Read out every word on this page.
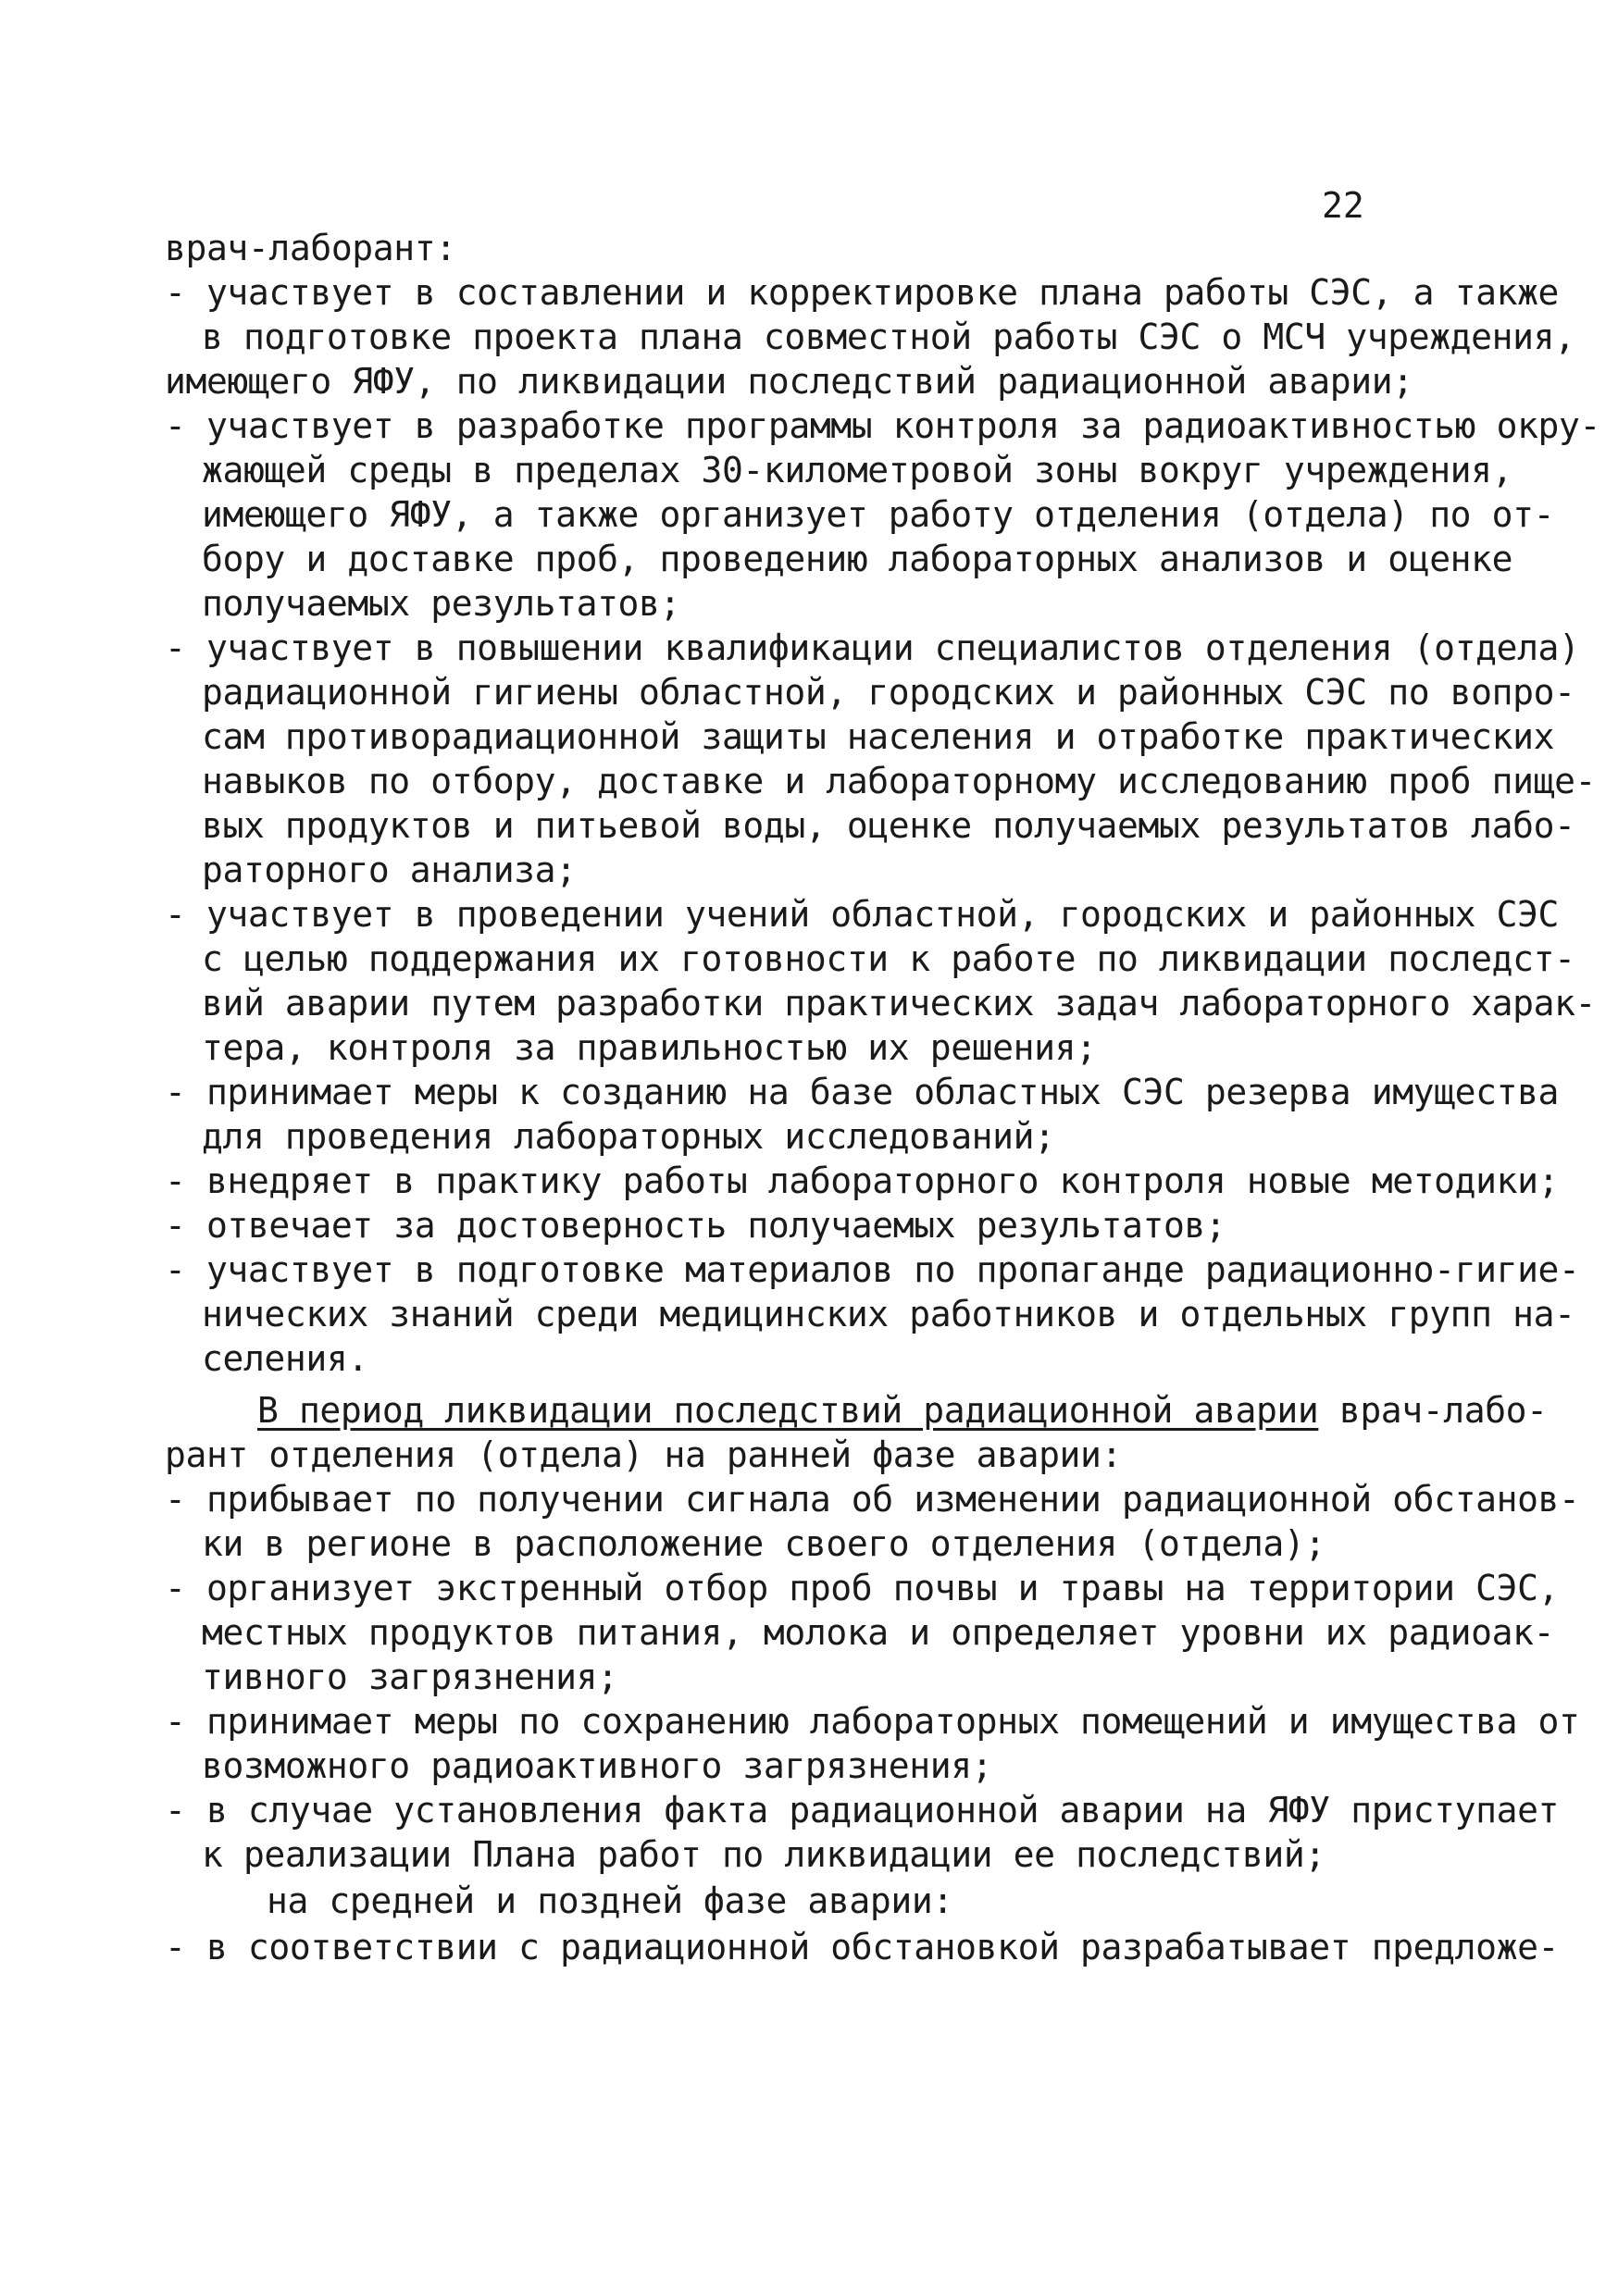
22
врач-лаборант:
- участвует в составлении и корректировке плана работы СЭС, а также
в подготовке проекта плана совместной работы СЭС о МСЧ учреждения,
имеющего ЯФУ, по ликвидации последствий радиационной аварии;
- участвует в разработке программы контроля за радиоактивностью окру-
жающей среды в пределах 30-километровой зоны вокруг учреждения,
имеющего ЯФУ, а также организует работу отделения (отдела) по от-
бору и доставке проб, проведению лабораторных анализов и оценке
получаемых результатов;
- участвует в повышении квалификации специалистов отделения (отдела)
радиационной гигиены областной, городских и районных СЭС по вопро-
сам противорадиационной защиты населения и отработке практических
навыков по отбору, доставке и лабораторному исследованию проб пище-
вых продуктов и питьевой воды, оценке получаемых результатов лабо-
раторного анализа;
- участвует в проведении учений областной, городских и районных СЭС
с целью поддержания их готовности к работе по ликвидации последст-
вий аварии путем разработки практических задач лабораторного харак-
тера, контроля за правильностью их решения;
- принимает меры к созданию на базе областных СЭС резерва имущества
для проведения лабораторных исследований;
- внедряет в практику работы лабораторного контроля новые методики;
- отвечает за достоверность получаемых результатов;
- участвует в подготовке материалов по пропаганде радиационно-гигие-
нических знаний среди медицинских работников и отдельных групп на-
селения.
В период ликвидации последствий радиационной аварии врач-лабо-
рант отделения (отдела) на ранней фазе аварии:
- прибывает по получении сигнала об изменении радиационной обстанов-
ки в регионе в расположение своего отделения (отдела);
- организует экстренный отбор проб почвы и травы на территории СЭС,
местных продуктов питания, молока и определяет уровни их радиоак-
тивного загрязнения;
- принимает меры по сохранению лабораторных помещений и имущества от
возможного радиоактивного загрязнения;
- в случае установления факта радиационной аварии на ЯФУ приступает
к реализации Плана работ по ликвидации ее последствий;
на средней и поздней фазе аварии:
- в соответствии с радиационной обстановкой разрабатывает предложе-
